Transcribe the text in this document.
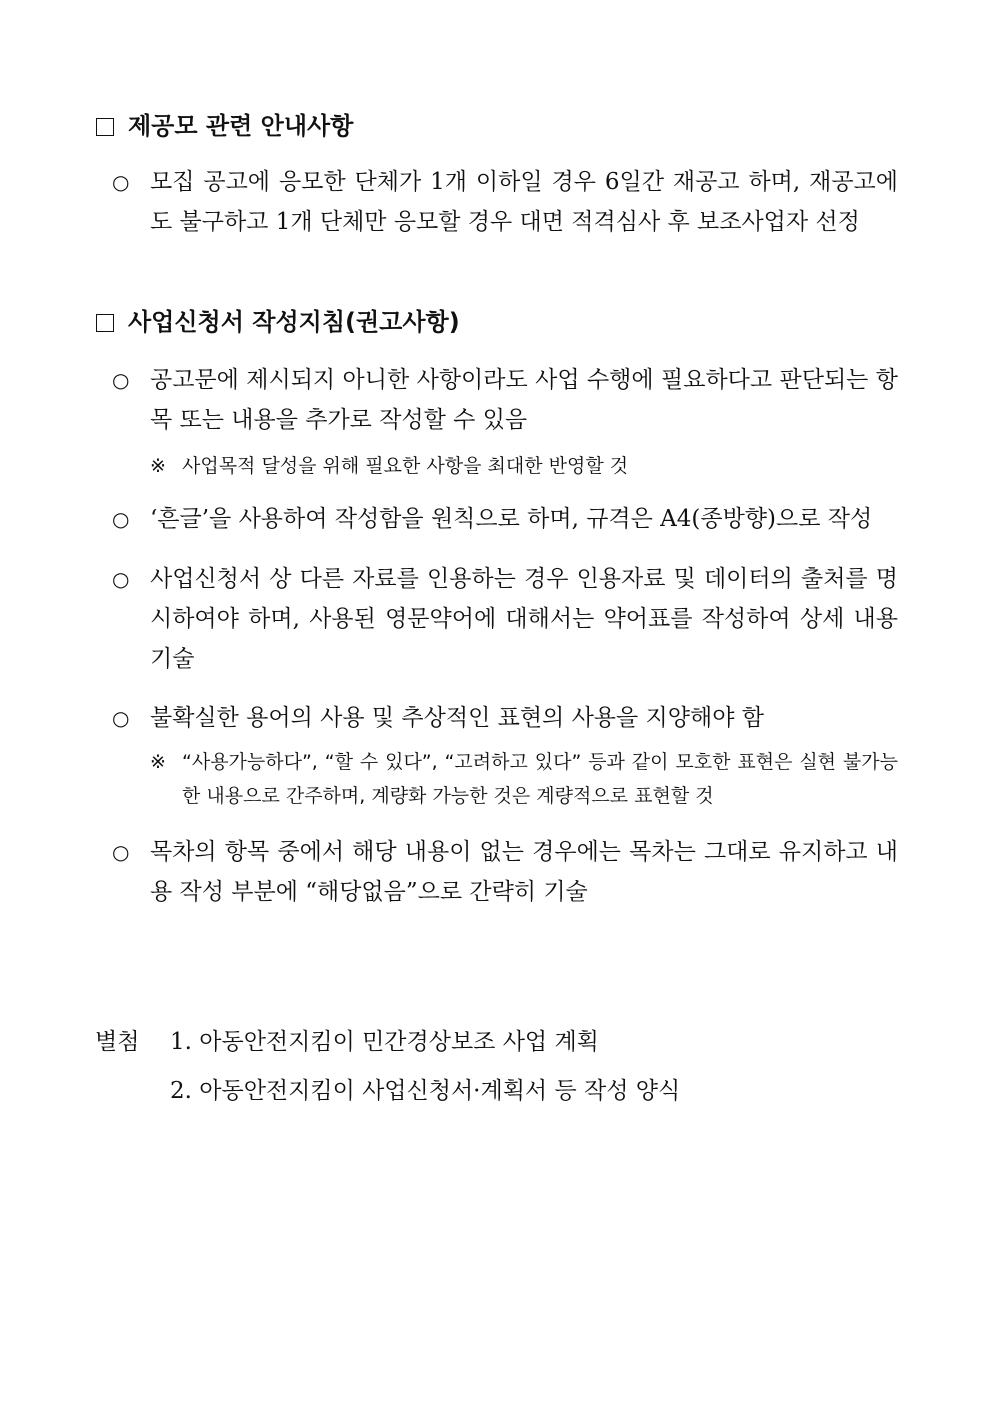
제공모 관련 안내사항
○ 모집 공고에 응모한 단체가 1개 이하일 경우 6일간 재공고 하며, 재공고에도 불구하고 1개 단체만 응모할 경우 대면 적격심사 후 보조사업자 선정
사업신청서 작성지침(권고사항)
○ 공고문에 제시되지 아니한 사항이라도 사업 수행에 필요하다고 판단되는 항목 또는 내용을 추가로 작성할 수 있음
※ 사업목적 달성을 위해 필요한 사항을 최대한 반영할 것
○ ‘흔글’을 사용하여 작성함을 원칙으로 하며, 규격은 A4(종방향)으로 작성
○ 사업신청서 상 다른 자료를 인용하는 경우 인용자료 및 데이터의 출처를 명시하여야 하며, 사용된 영문약어에 대해서는 약어표를 작성하여 상세 내용 기술
○ 불확실한 용어의 사용 및 추상적인 표현의 사용을 지양해야 함
※ “사용가능하다”, “할 수 있다”, “고려하고 있다” 등과 같이 모호한 표현은 실현 불가능한 내용으로 간주하며, 계량화 가능한 것은 계량적으로 표현할 것
○ 목차의 항목 중에서 해당 내용이 없는 경우에는 목차는 그대로 유지하고 내용 작성 부분에 “해당없음”으로 간략히 기술
별첨 1. 아동안전지킴이 민간경상보조 사업 계획
2. 아동안전지킴이 사업신청서·계획서 등 작성 양식
